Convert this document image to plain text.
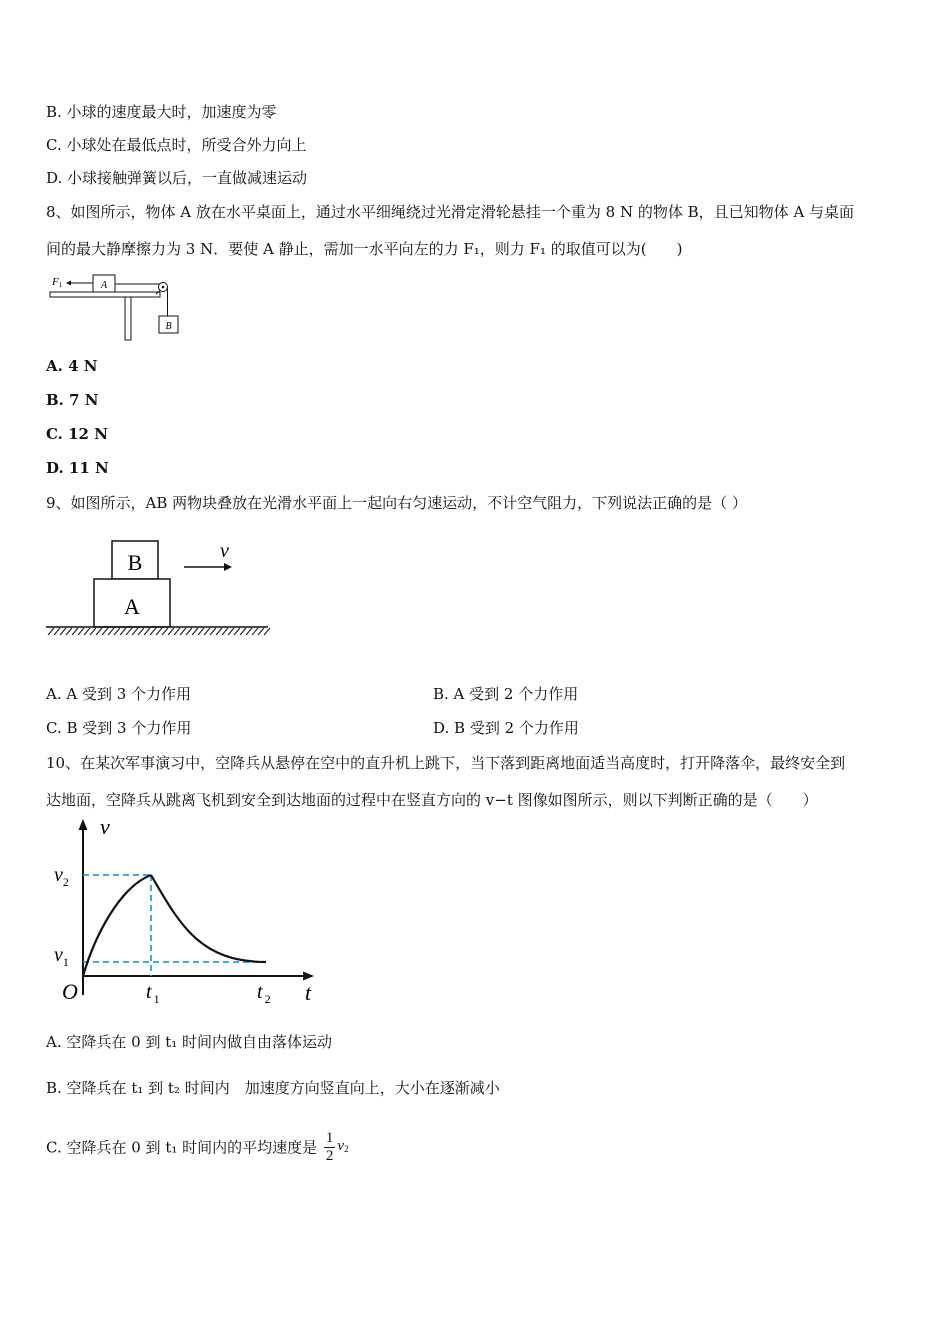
B. 小球的速度最大时，加速度为零
C. 小球处在最低点时，所受合外力向上
D. 小球接触弹簧以后，一直做减速运动
8、如图所示，物体 A 放在水平桌面上，通过水平细绳绕过光滑定滑轮悬挂一个重为 8 N 的物体 B，且已知物体 A 与桌面
间的最大静摩擦力为 3 N．要使 A 静止，需加一水平向左的力 F₁，则力 F₁ 的取值可以为(　　)
F1	A
B
A. 4 N
B. 7 N
C. 12 N
D. 11 N
9、如图所示，AB 两物块叠放在光滑水平面上一起向右匀速运动，不计空气阻力，下列说法正确的是（ ）
B
A
v
A. A 受到 3 个力作用	B. A 受到 2 个力作用
C. B 受到 3 个力作用	D. B 受到 2 个力作用
10、在某次军事演习中，空降兵从悬停在空中的直升机上跳下，当下落到距离地面适当高度时，打开降落伞，最终安全到
达地面，空降兵从跳离飞机到安全到达地面的过程中在竖直方向的 v−t 图像如图所示，则以下判断正确的是（　　）
v
t
O
$v_2$
$v_1$
t $_1$	t $_2$
A. 空降兵在 0 到 t₁ 时间内做自由落体运动
B. 空降兵在 t₁ 到 t₂ 时间内　加速度方向竖直向上，大小在逐渐减小
C. 空降兵在 0 到 t₁ 时间内的平均速度是 $\frac{1}{2} v_2$
